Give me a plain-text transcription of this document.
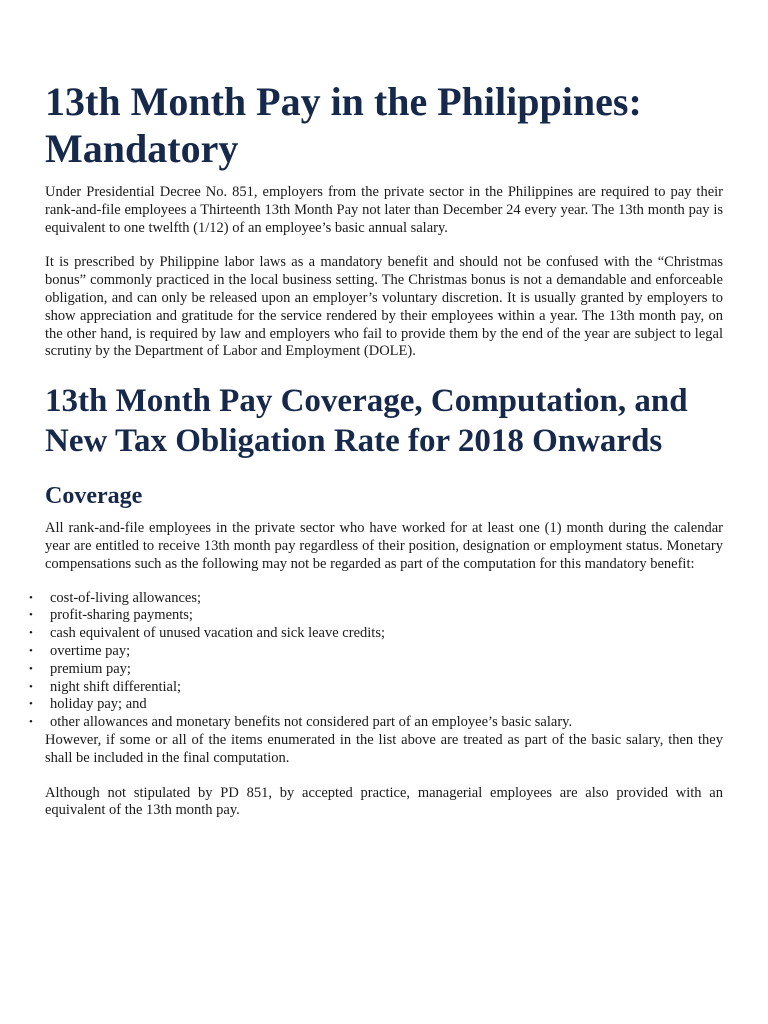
13th Month Pay in the Philippines: Mandatory

Under Presidential Decree No. 851, employers from the private sector in the Philippines are required to pay their rank-and-file employees a Thirteenth 13th Month Pay not later than December 24 every year. The 13th month pay is equivalent to one twelfth (1/12) of an employee’s basic annual salary.

It is prescribed by Philippine labor laws as a mandatory benefit and should not be confused with the “Christmas bonus” commonly practiced in the local business setting. The Christmas bonus is not a demandable and enforceable obligation, and can only be released upon an employer’s voluntary discretion. It is usually granted by employers to show appreciation and gratitude for the service rendered by their employees within a year. The 13th month pay, on the other hand, is required by law and employers who fail to provide them by the end of the year are subject to legal scrutiny by the Department of Labor and Employment (DOLE).

13th Month Pay Coverage, Computation, and New Tax Obligation Rate for 2018 Onwards
Coverage

All rank-and-file employees in the private sector who have worked for at least one (1) month during the calendar year are entitled to receive 13th month pay regardless of their position, designation or employment status. Monetary compensations such as the following may not be regarded as part of the computation for this mandatory benefit:

• cost-of-living allowances;
• profit-sharing payments;
• cash equivalent of unused vacation and sick leave credits;
• overtime pay;
• premium pay;
• night shift differential;
• holiday pay; and
• other allowances and monetary benefits not considered part of an employee’s basic salary.

However, if some or all of the items enumerated in the list above are treated as part of the basic salary, then they shall be included in the final computation.

Although not stipulated by PD 851, by accepted practice, managerial employees are also provided with an equivalent of the 13th month pay.
